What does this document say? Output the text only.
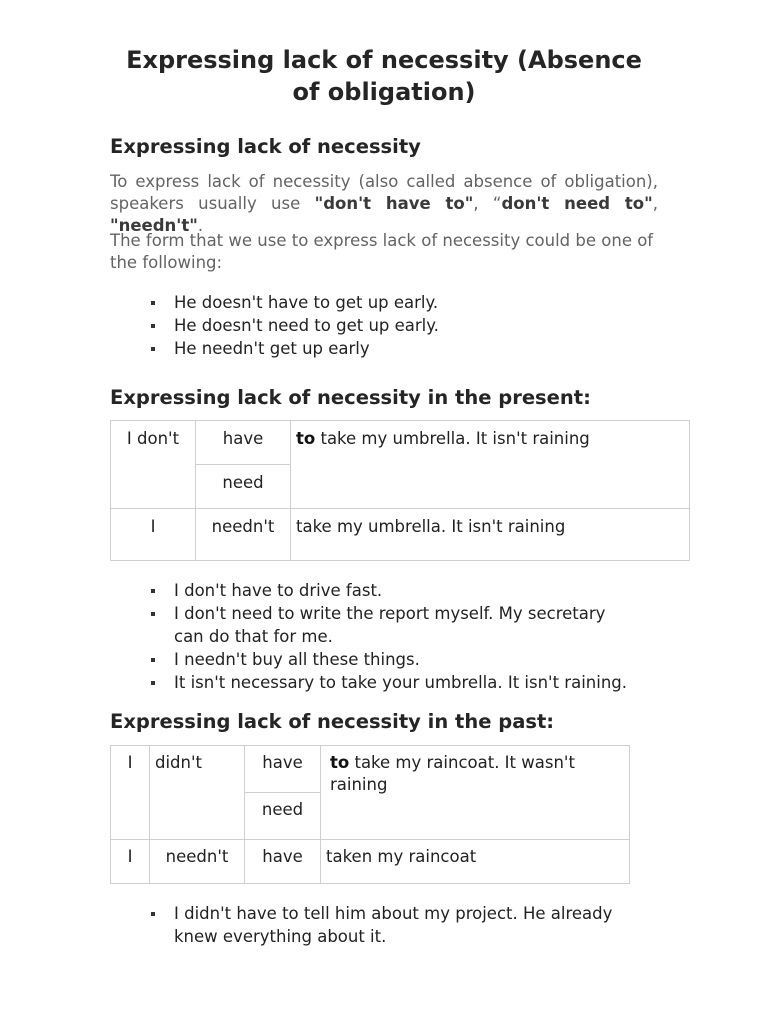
Expressing lack of necessity (Absence of obligation)
Expressing lack of necessity

To express lack of necessity (also called absence of obligation), speakers usually use "don't have to", “don't need to", "needn't".

The form that we use to express lack of necessity could be one of the following:

He doesn't have to get up early.
He doesn't need to get up early.
He needn't get up early
Expressing lack of necessity in the present:
I don't	have	to take my umbrella. It isn't raining
	need	
I	needn't	take my umbrella. It isn't raining
I don't have to drive fast.
I don't need to write the report myself. My secretary can do that for me.
I needn't buy all these things.
It isn't necessary to take your umbrella. It isn't raining.
Expressing lack of necessity in the past:
I	didn't	have	to take my raincoat. It wasn't raining
		need	
I	needn't	have	taken my raincoat
I didn't have to tell him about my project. He already knew everything about it.
